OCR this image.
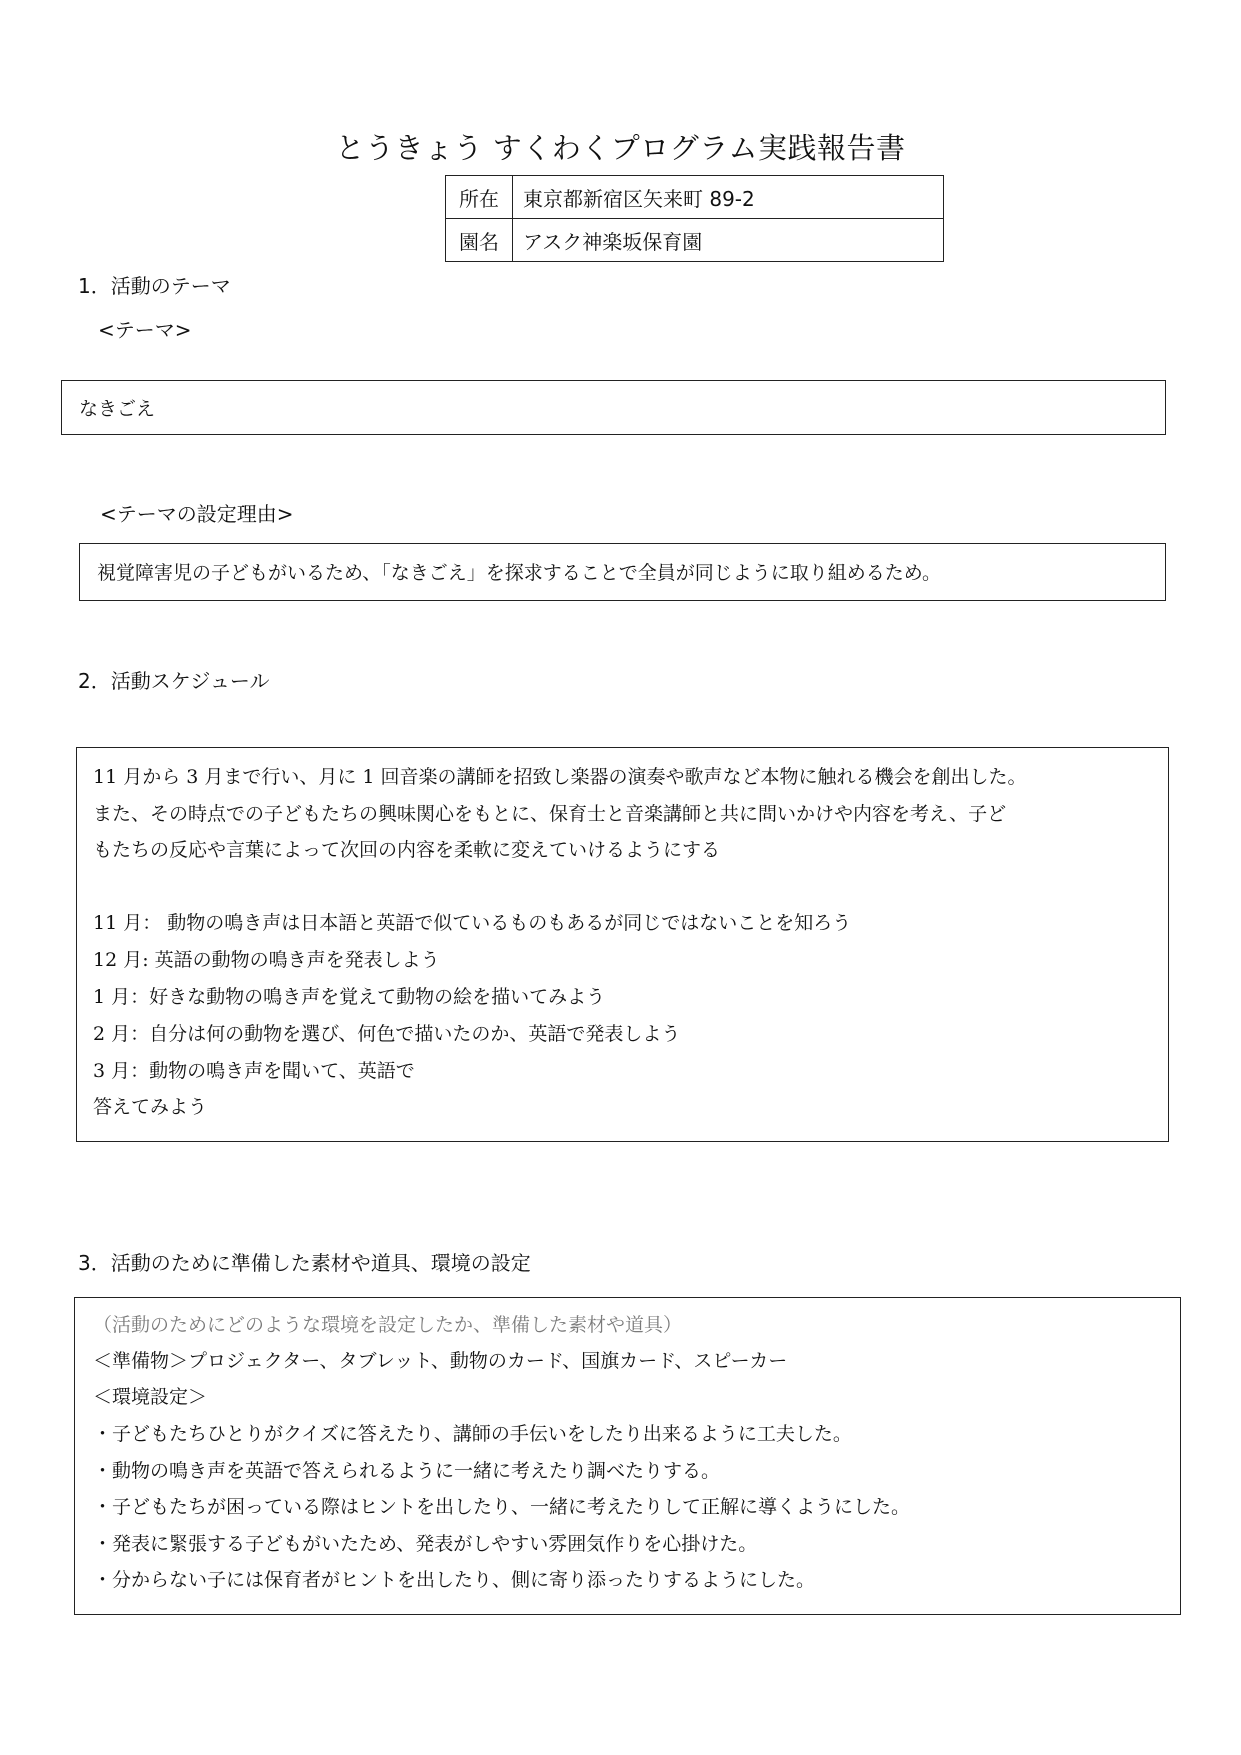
とうきょう すくわくプログラム実践報告書
所在	東京都新宿区矢来町 89-2
園名	アスク神楽坂保育園
1．活動のテーマ
<テーマ>
なきごえ
<テーマの設定理由>
視覚障害児の子どもがいるため、「なきごえ」を探求することで全員が同じように取り組めるため。
2．活動スケジュール
11 月から 3 月まで行い、月に 1 回音楽の講師を招致し楽器の演奏や歌声など本物に触れる機会を創出した。
また、その時点での子どもたちの興味関心をもとに、保育士と音楽講師と共に問いかけや内容を考え、子ど
もたちの反応や言葉によって次回の内容を柔軟に変えていけるようにする
11 月： 動物の鳴き声は日本語と英語で似ているものもあるが同じではないことを知ろう
12 月: 英語の動物の鳴き声を発表しよう
1 月：好きな動物の鳴き声を覚えて動物の絵を描いてみよう
2 月：自分は何の動物を選び、何色で描いたのか、英語で発表しよう
3 月：動物の鳴き声を聞いて、英語で
答えてみよう
3．活動のために準備した素材や道具、環境の設定
（活動のためにどのような環境を設定したか、準備した素材や道具）
＜準備物＞プロジェクター、タブレット、動物のカード、国旗カード、スピーカー
＜環境設定＞
・子どもたちひとりがクイズに答えたり、講師の手伝いをしたり出来るように工夫した。
・動物の鳴き声を英語で答えられるように一緒に考えたり調べたりする。
・子どもたちが困っている際はヒントを出したり、一緒に考えたりして正解に導くようにした。
・発表に緊張する子どもがいたため、発表がしやすい雰囲気作りを心掛けた。
・分からない子には保育者がヒントを出したり、側に寄り添ったりするようにした。
